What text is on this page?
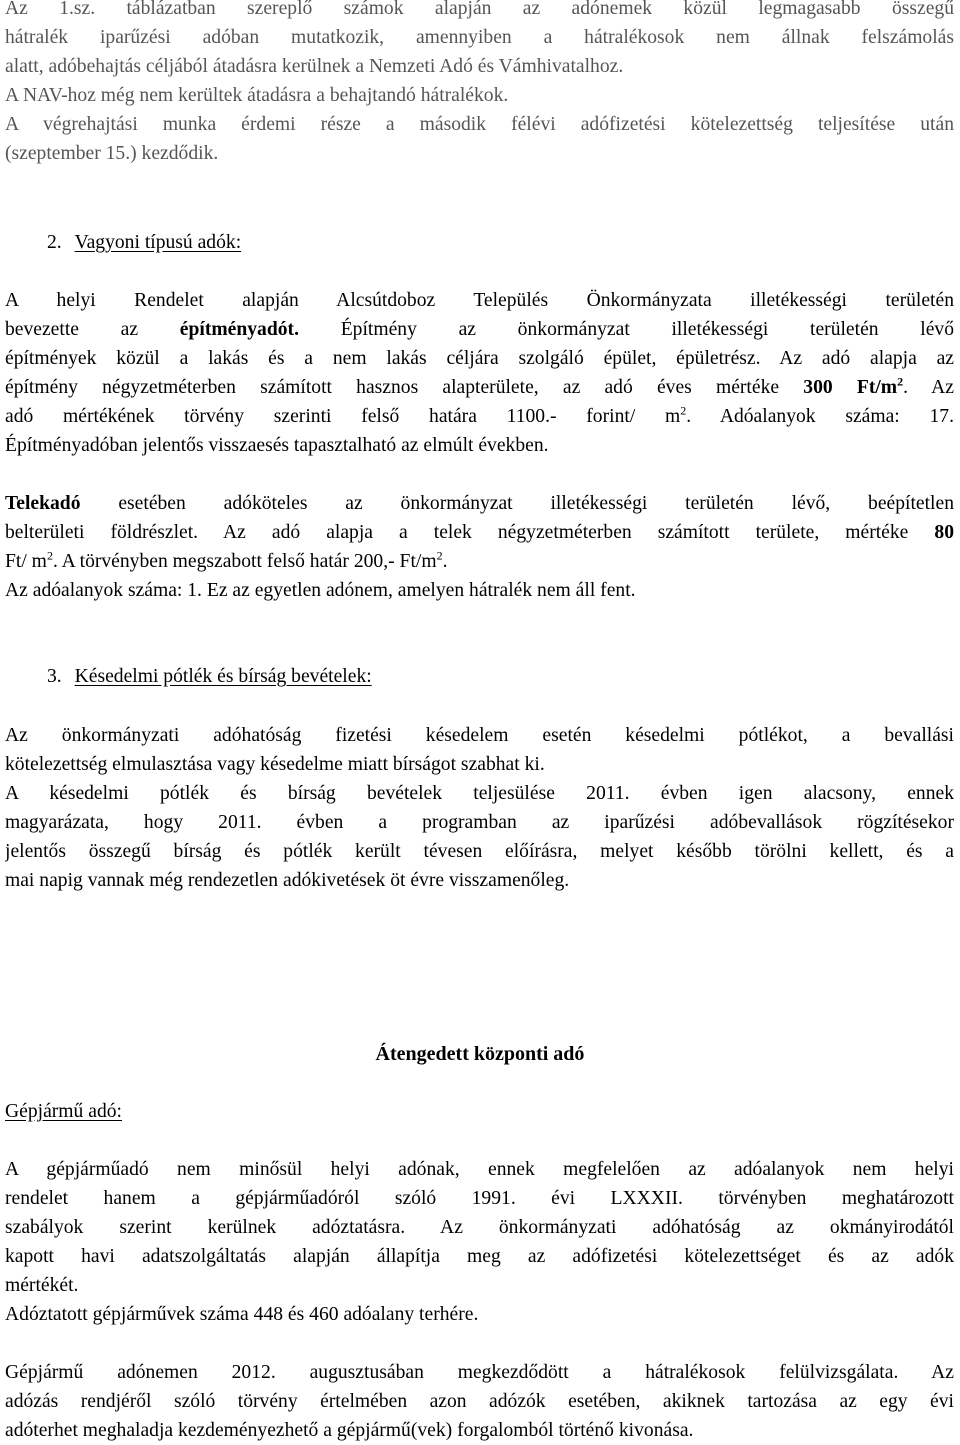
Az 1.sz. táblázatban szereplő számok alapján az adónemek közül legmagasabb összegű
hátralék iparűzési adóban mutatkozik, amennyiben a hátralékosok nem állnak felszámolás
alatt, adóbehajtás céljából átadásra kerülnek a Nemzeti Adó és Vámhivatalhoz.
A NAV-hoz még nem kerültek átadásra a behajtandó hátralékok.
A végrehajtási munka érdemi része a második félévi adófizetési kötelezettség teljesítése után
(szeptember 15.) kezdődik.
2. Vagyoni típusú adók:
A helyi Rendelet alapján Alcsútdoboz Település Önkormányzata illetékességi területén
bevezette az építményadót. Építmény az önkormányzat illetékességi területén lévő
építmények közül a lakás és a nem lakás céljára szolgáló épület, épületrész. Az adó alapja az
építmény négyzetméterben számított hasznos alapterülete, az adó éves mértéke 300 $Ft/m^2$. Az
adó mértékének törvény szerinti felső határa 1100.- forint/ $m^2$. Adóalanyok száma: 17.
Építményadóban jelentős visszaesés tapasztalható az elmúlt években.
Telekadó esetében adóköteles az önkormányzat illetékességi területén lévő, beépítetlen
belterületi földrészlet. Az adó alapja a telek négyzetméterben számított területe, mértéke 80
Ft/ $m^2$. A törvényben megszabott felső határ 200,- $Ft/m^2$.
Az adóalanyok száma: 1. Ez az egyetlen adónem, amelyen hátralék nem áll fent.
3. Késedelmi pótlék és bírság bevételek:
Az önkormányzati adóhatóság fizetési késedelem esetén késedelmi pótlékot, a bevallási
kötelezettség elmulasztása vagy késedelme miatt bírságot szabhat ki.
A késedelmi pótlék és bírság bevételek teljesülése 2011. évben igen alacsony, ennek
magyarázata, hogy 2011. évben a programban az iparűzési adóbevallások rögzítésekor
jelentős összegű bírság és pótlék került tévesen előírásra, melyet később törölni kellett, és a
mai napig vannak még rendezetlen adókivetések öt évre visszamenőleg.
Átengedett központi adó
Gépjármű adó:
A gépjárműadó nem minősül helyi adónak, ennek megfelelően az adóalanyok nem helyi
rendelet hanem a gépjárműadóról szóló 1991. évi LXXXII. törvényben meghatározott
szabályok szerint kerülnek adóztatásra. Az önkormányzati adóhatóság az okmányirodától
kapott havi adatszolgáltatás alapján állapítja meg az adófizetési kötelezettséget és az adók
mértékét.
Adóztatott gépjárművek száma 448 és 460 adóalany terhére.
Gépjármű adónemen 2012. augusztusában megkezdődött a hátralékosok felülvizsgálata. Az
adózás rendjéről szóló törvény értelmében azon adózók esetében, akiknek tartozása az egy évi
adóterhet meghaladja kezdeményezhető a gépjármű(vek) forgalomból történő kivonása.
